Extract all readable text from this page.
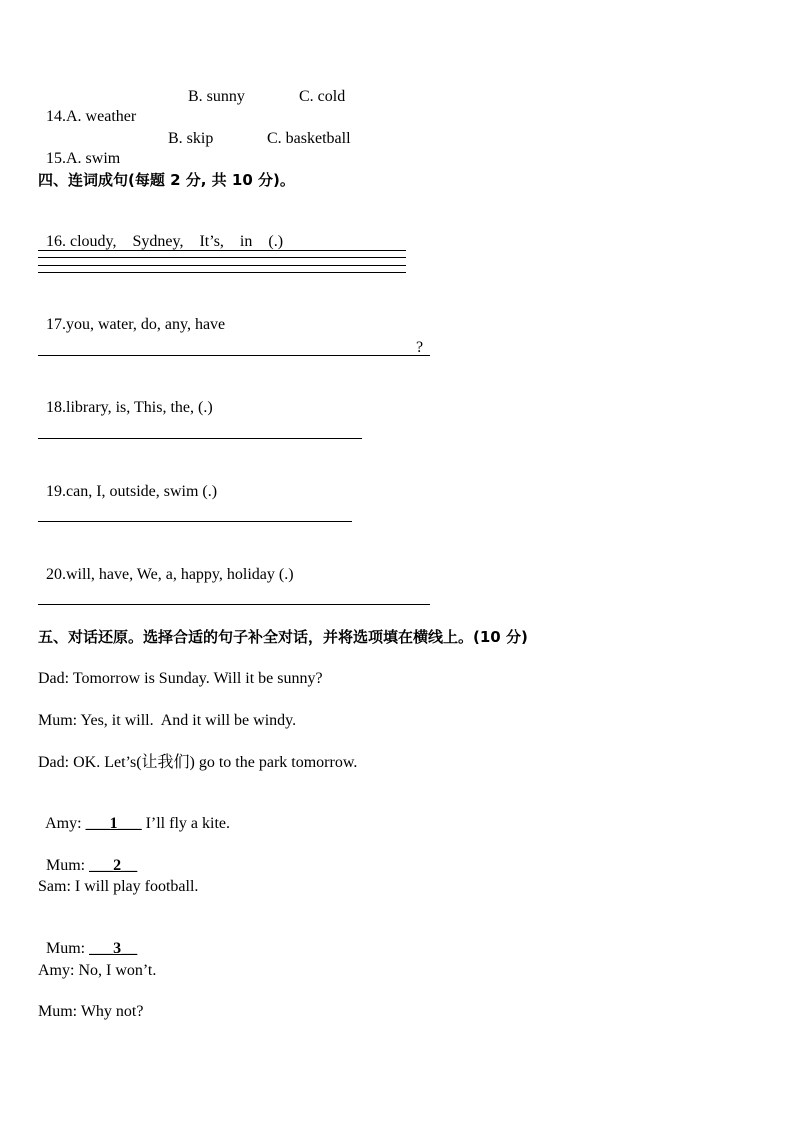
14.A. weather

B. sunny	C. cold

15.A. swim

B. skip	C. basketball
四、连词成句(每题 2 分, 共 10 分)。

16. cloudy,    Sydney,    It’s,    in    (.)

17.you, water, do, any, have

?

18.library, is, This, the, (.)

19.can, I, outside, swim (.)

20.will, have, We, a, happy, holiday (.)

五、对话还原。选择合适的句子补全对话，并将选项填在横线上。(10 分)
Dad: Tomorrow is Sunday. Will it be sunny?
Mum: Yes, it will.  And it will be windy.
Dad: OK. Let’s(让我们) go to the park tomorrow.

Amy: ___1___ I’ll fly a kite.

Mum: ___2__

Sam: I will play football.

Mum: ___3__

Amy: No, I won’t.
Mum: Why not?
